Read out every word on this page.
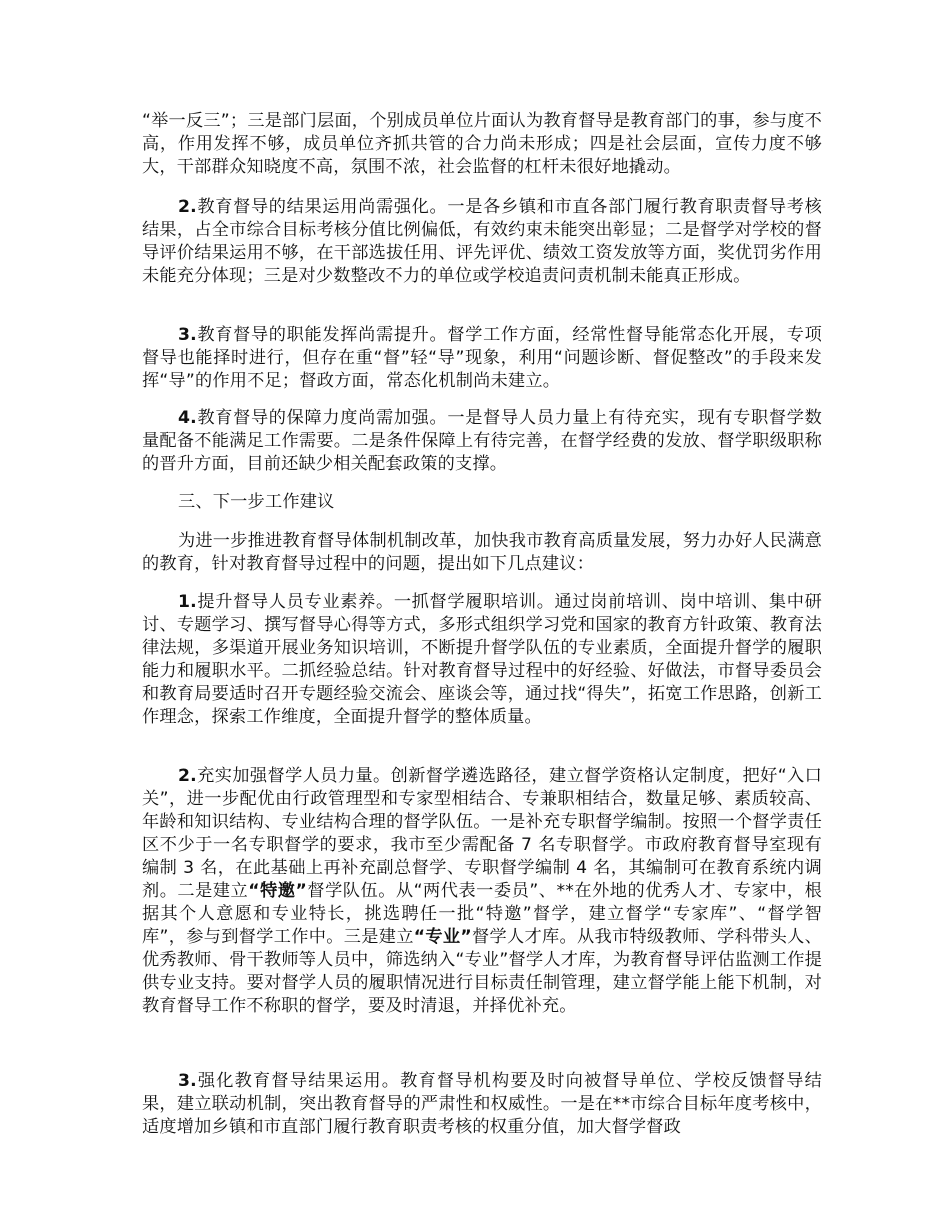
“举一反三”；三是部门层面，个别成员单位片面认为教育督导是教育部门的事，参与度不高，作用发挥不够，成员单位齐抓共管的合力尚未形成；四是社会层面，宣传力度不够大，干部群众知晓度不高，氛围不浓，社会监督的杠杆未很好地撬动。

2.教育督导的结果运用尚需强化。一是各乡镇和市直各部门履行教育职责督导考核结果，占全市综合目标考核分值比例偏低，有效约束未能突出彰显；二是督学对学校的督导评价结果运用不够，在干部选拔任用、评先评优、绩效工资发放等方面，奖优罚劣作用未能充分体现；三是对少数整改不力的单位或学校追责问责机制未能真正形成。

3.教育督导的职能发挥尚需提升。督学工作方面，经常性督导能常态化开展，专项督导也能择时进行，但存在重“督”轻“导”现象，利用“问题诊断、督促整改”的手段来发挥“导”的作用不足；督政方面，常态化机制尚未建立。

4.教育督导的保障力度尚需加强。一是督导人员力量上有待充实，现有专职督学数量配备不能满足工作需要。二是条件保障上有待完善，在督学经费的发放、督学职级职称的晋升方面，目前还缺少相关配套政策的支撑。

三、下一步工作建议

为进一步推进教育督导体制机制改革，加快我市教育高质量发展，努力办好人民满意的教育，针对教育督导过程中的问题，提出如下几点建议：

1.提升督导人员专业素养。一抓督学履职培训。通过岗前培训、岗中培训、集中研讨、专题学习、撰写督导心得等方式，多形式组织学习党和国家的教育方针政策、教育法律法规，多渠道开展业务知识培训，不断提升督学队伍的专业素质，全面提升督学的履职能力和履职水平。二抓经验总结。针对教育督导过程中的好经验、好做法，市督导委员会和教育局要适时召开专题经验交流会、座谈会等，通过找“得失”，拓宽工作思路，创新工作理念，探索工作维度，全面提升督学的整体质量。

2.充实加强督学人员力量。创新督学遴选路径，建立督学资格认定制度，把好“入口关”，进一步配优由行政管理型和专家型相结合、专兼职相结合，数量足够、素质较高、年龄和知识结构、专业结构合理的督学队伍。一是补充专职督学编制。按照一个督学责任区不少于一名专职督学的要求，我市至少需配备 7 名专职督学。市政府教育督导室现有编制 3 名，在此基础上再补充副总督学、专职督学编制 4 名，其编制可在教育系统内调剂。二是建立“特邀”督学队伍。从“两代表一委员”、**在外地的优秀人才、专家中，根据其个人意愿和专业特长，挑选聘任一批“特邀”督学，建立督学“专家库”、“督学智库”，参与到督学工作中。三是建立“专业”督学人才库。从我市特级教师、学科带头人、优秀教师、骨干教师等人员中，筛选纳入“专业”督学人才库，为教育督导评估监测工作提供专业支持。要对督学人员的履职情况进行目标责任制管理，建立督学能上能下机制，对教育督导工作不称职的督学，要及时清退，并择优补充。

3.强化教育督导结果运用。教育督导机构要及时向被督导单位、学校反馈督导结果，建立联动机制，突出教育督导的严肃性和权威性。一是在**市综合目标年度考核中，适度增加乡镇和市直部门履行教育职责考核的权重分值，加大督学督政
